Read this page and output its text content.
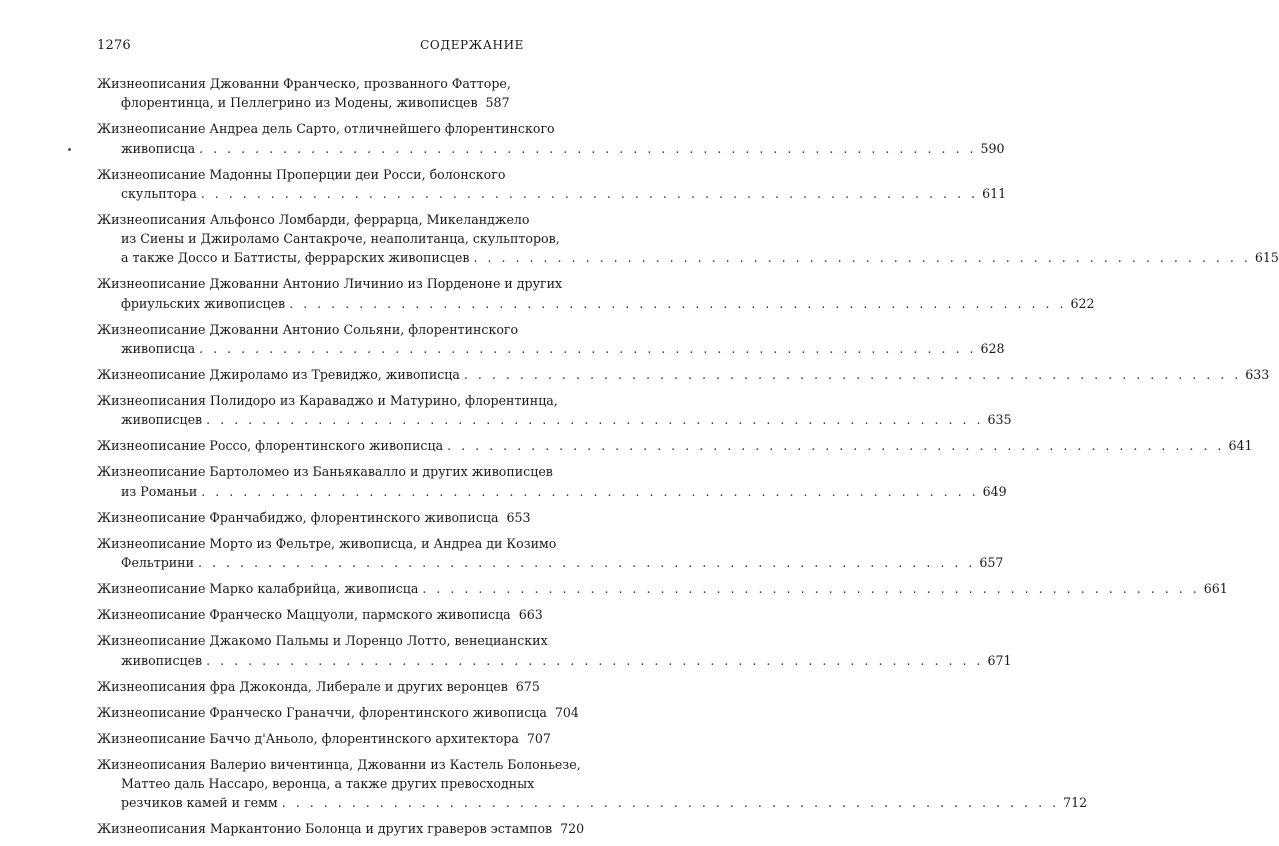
1276	СОДЕРЖАНИЕ
Жизнеописания Джованни Франческо, прозванного Фатторе,
флорентинца, и Пеллегрино из Модены, живописцев 587
Жизнеописание Андреа дель Сарто, отличнейшего флорентинского
живописца . . .	590
Жизнеописание Мадонны Проперции деи Росси, болонского
скульптора . . .	611
Жизнеописания Альфонсо Ломбарди, феррарца, Микеланджело
из Сиены и Джироламо Сантакроче, неаполитанца, скульпторов,
а также Доссо и Баттисты, феррарских живописцев . . .	615
Жизнеописание Джованни Антонио Личинио из Порденоне и других
фриульских живописцев . . .	622
Жизнеописание Джованни Антонио Сольяни, флорентинского
живописца . . .	628
Жизнеописание Джироламо из Тревиджо, живописца . . .	633
Жизнеописания Полидоро из Караваджо и Матурино, флорентинца,
живописцев . . .	635
Жизнеописание Россо, флорентинского живописца . . .	641
Жизнеописание Бартоломео из Баньякавалло и других живописцев
из Романьи . . .	649
Жизнеописание Франчабиджо, флорентинского живописца 653
Жизнеописание Морто из Фельтре, живописца, и Андреа ди Козимо
Фельтрини . . .	657
Жизнеописание Марко калабрийца, живописца . . .	661
Жизнеописание Франческо Маццуоли, пармского живописца 663
Жизнеописание Джакомо Пальмы и Лоренцо Лотто, венецианских
живописцев . . .	671
Жизнеописания фра Джоконда, Либерале и других веронцев 675
Жизнеописание Франческо Граначчи, флорентинского живописца 704
Жизнеописание Баччо д'Аньоло, флорентинского архитектора 707
Жизнеописания Валерио вичентинца, Джованни из Кастель Болоньезе,
Маттео даль Нассаро, веронца, а также других превосходных
резчиков камей и гемм . . .	712
Жизнеописания Маркантонио Болонца и других граверов эстампов 720
